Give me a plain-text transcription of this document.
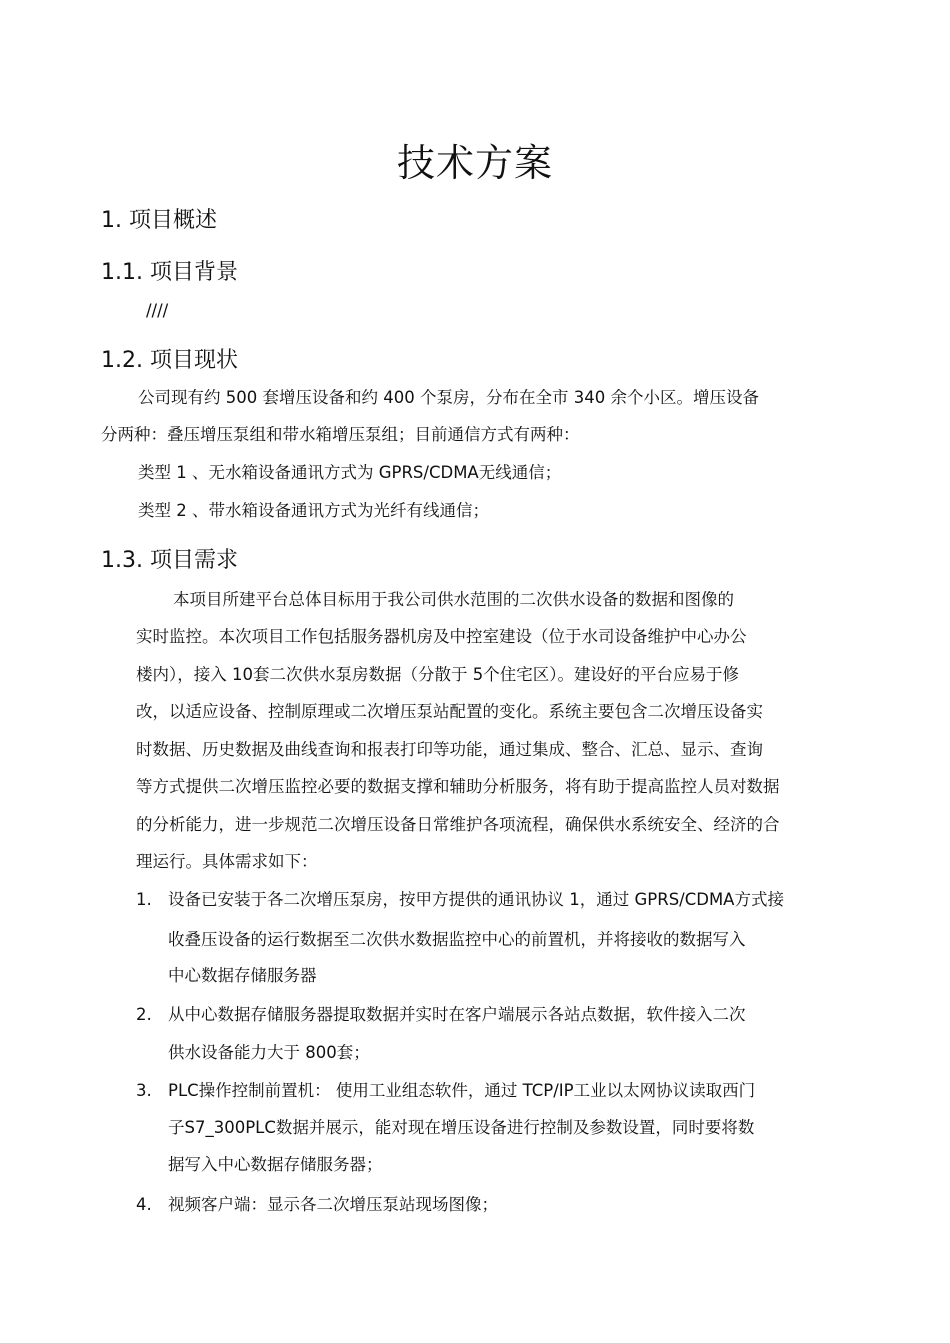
技术方案
1. 项目概述
1.1. 项目背景
////
1.2. 项目现状
公司现有约 500 套增压设备和约 400 个泵房，分布在全市 340 余个小区。增压设备
分两种：叠压增压泵组和带水箱增压泵组；目前通信方式有两种：
类型 1 、无水箱设备通讯方式为 GPRS/CDMA无线通信；
类型 2 、带水箱设备通讯方式为光纤有线通信；
1.3. 项目需求
本项目所建平台总体目标用于我公司供水范围的二次供水设备的数据和图像的
实时监控。本次项目工作包括服务器机房及中控室建设（位于水司设备维护中心办公
楼内），接入 10套二次供水泵房数据（分散于 5个住宅区）。建设好的平台应易于修
改，以适应设备、控制原理或二次增压泵站配置的变化。系统主要包含二次增压设备实
时数据、历史数据及曲线查询和报表打印等功能，通过集成、整合、汇总、显示、查询
等方式提供二次增压监控必要的数据支撑和辅助分析服务，将有助于提高监控人员对数据
的分析能力，进一步规范二次增压设备日常维护各项流程，确保供水系统安全、经济的合
理运行。具体需求如下：
1. 设备已安装于各二次增压泵房，按甲方提供的通讯协议 1，通过 GPRS/CDMA方式接
收叠压设备的运行数据至二次供水数据监控中心的前置机，并将接收的数据写入
中心数据存储服务器
2. 从中心数据存储服务器提取数据并实时在客户端展示各站点数据，软件接入二次
供水设备能力大于 800套；
3. PLC操作控制前置机： 使用工业组态软件，通过 TCP/IP工业以太网协议读取西门
子S7_300PLC数据并展示，能对现在增压设备进行控制及参数设置，同时要将数
据写入中心数据存储服务器；
4. 视频客户端：显示各二次增压泵站现场图像；
